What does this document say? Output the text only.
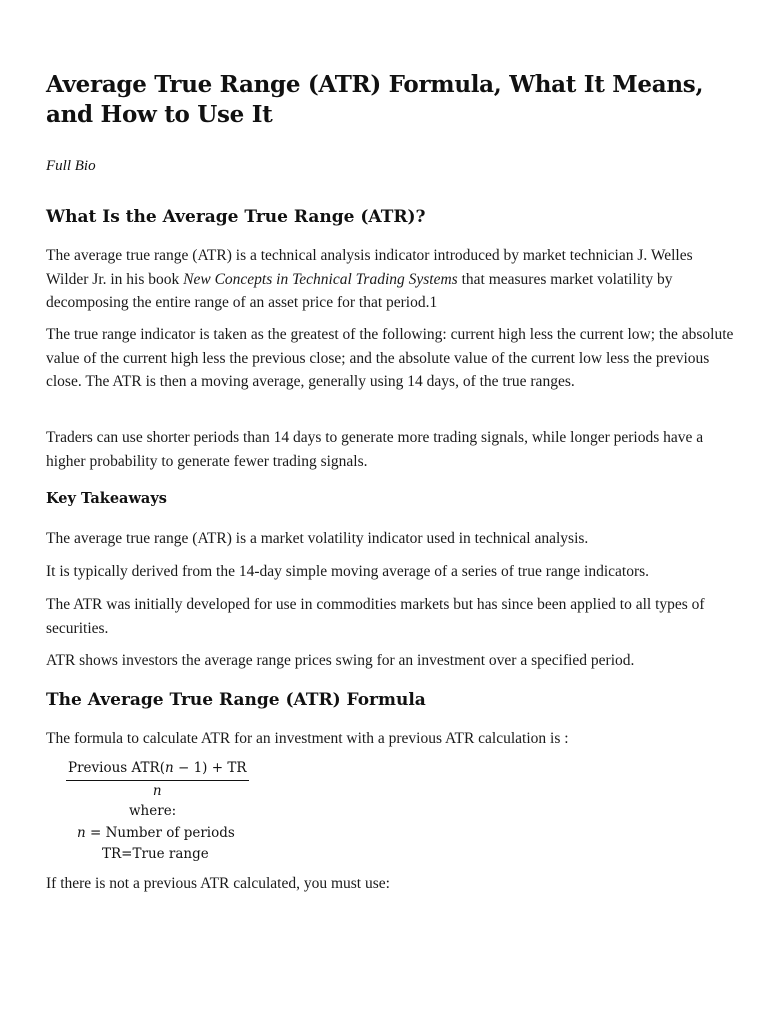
Average True Range (ATR) Formula, What It Means, and How to Use It

Full Bio

What Is the Average True Range (ATR)?

The average true range (ATR) is a technical analysis indicator introduced by market technician J. Welles Wilder Jr. in his book New Concepts in Technical Trading Systems that measures market volatility by decomposing the entire range of an asset price for that period.1

The true range indicator is taken as the greatest of the following: current high less the current low; the absolute value of the current high less the previous close; and the absolute value of the current low less the previous close. The ATR is then a moving average, generally using 14 days, of the true ranges.

Traders can use shorter periods than 14 days to generate more trading signals, while longer periods have a higher probability to generate fewer trading signals.

Key Takeaways

The average true range (ATR) is a market volatility indicator used in technical analysis.

It is typically derived from the 14-day simple moving average of a series of true range indicators.

The ATR was initially developed for use in commodities markets but has since been applied to all types of securities.

ATR shows investors the average range prices swing for an investment over a specified period.

The Average True Range (ATR) Formula

The formula to calculate ATR for an investment with a previous ATR calculation is :

$\frac{\text{Previous ATR(n − 1) + TR}}{n}$
where:
n = Number of periods
TR=True range

If there is not a previous ATR calculated, you must use:
